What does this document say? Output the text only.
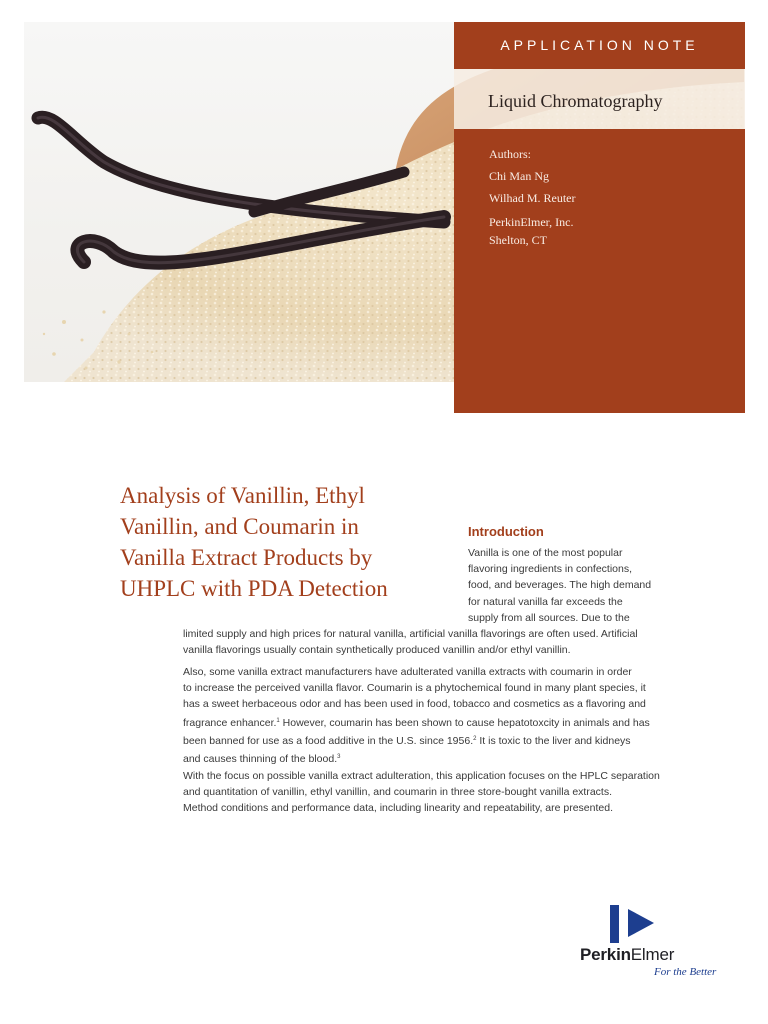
APPLICATION NOTE
Liquid Chromatography
Authors:
Chi Man Ng
Wilhad M. Reuter
PerkinElmer, Inc.
Shelton, CT
Analysis of Vanillin, Ethyl
Vanillin, and Coumarin in
Vanilla Extract Products by
UHPLC with PDA Detection
Introduction
Vanilla is one of the most popular
flavoring ingredients in confections,
food, and beverages. The high demand
for natural vanilla far exceeds the
supply from all sources. Due to the
limited supply and high prices for natural vanilla, artificial vanilla flavorings are often used. Artificial
vanilla flavorings usually contain synthetically produced vanillin and/or ethyl vanillin.
Also, some vanilla extract manufacturers have adulterated vanilla extracts with coumarin in order
to increase the perceived vanilla flavor. Coumarin is a phytochemical found in many plant species, it
has a sweet herbaceous odor and has been used in food, tobacco and cosmetics as a flavoring and
fragrance enhancer.$^1$ However, coumarin has been shown to cause hepatotoxcity in animals and has
been banned for use as a food additive in the U.S. since 1956.$^2$ It is toxic to the liver and kidneys
and causes thinning of the blood.$^3$
With the focus on possible vanilla extract adulteration, this application focuses on the HPLC separation
and quantitation of vanillin, ethyl vanillin, and coumarin in three store-bought vanilla extracts.
Method conditions and performance data, including linearity and repeatability, are presented.
PerkinElmer
For the Better
